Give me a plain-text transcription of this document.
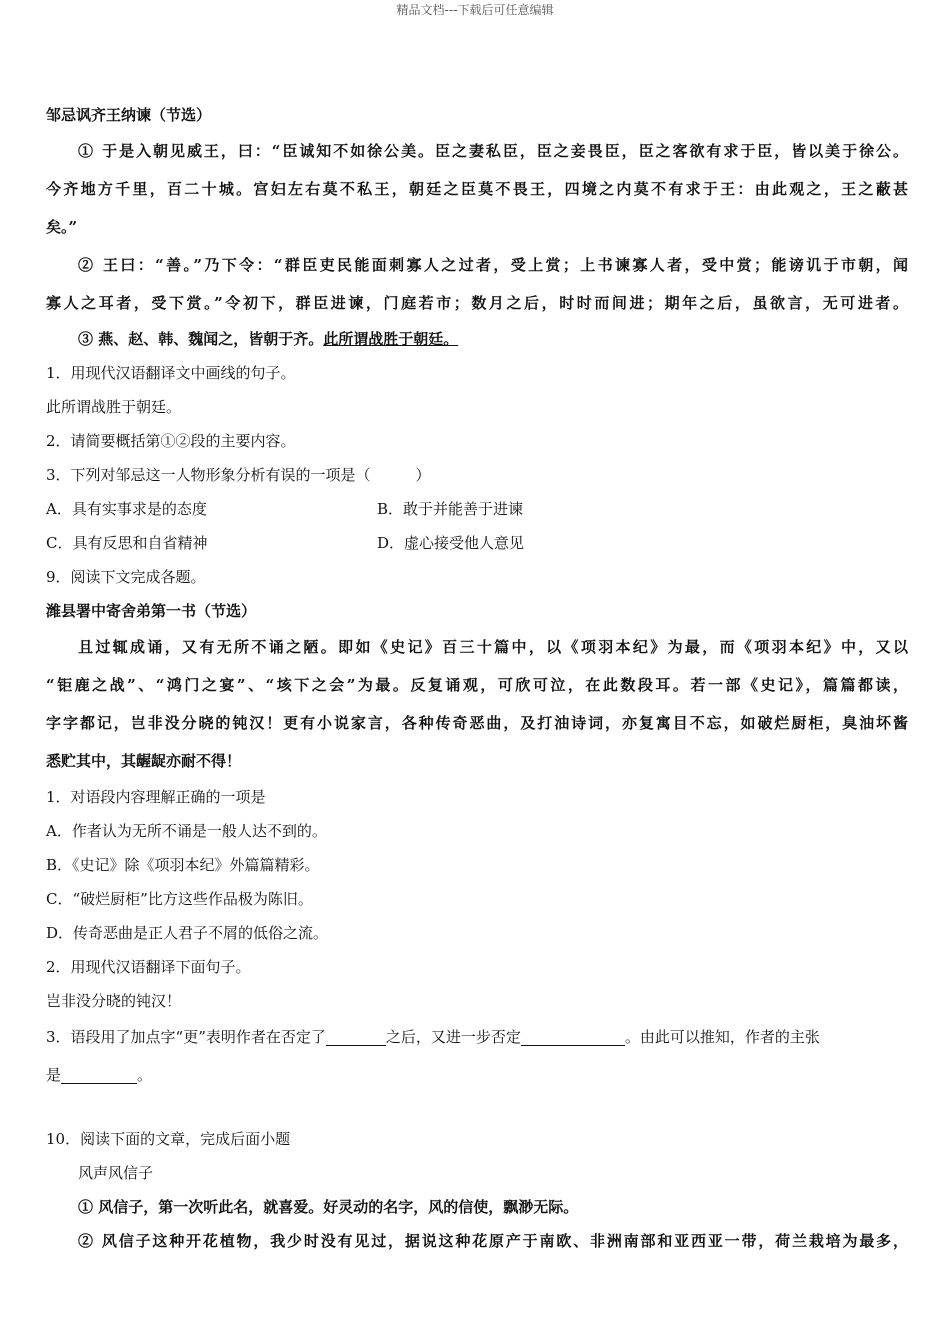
精品文档---下载后可任意编辑
邹忌讽齐王纳谏（节选）
① 于是入朝见威王，曰：“臣诚知不如徐公美。臣之妻私臣，臣之妾畏臣，臣之客欲有求于臣，皆以美于徐公。
今齐地方千里，百二十城。宫妇左右莫不私王，朝廷之臣莫不畏王，四境之内莫不有求于王：由此观之，王之蔽甚
矣。”
② 王曰：“善。”乃下令：“群臣吏民能面刺寡人之过者，受上赏；上书谏寡人者，受中赏；能谤讥于市朝，闻
寡人之耳者，受下赏。”令初下，群臣进谏，门庭若市；数月之后，时时而间进；期年之后，虽欲言，无可进者。
③ 燕、赵、韩、魏闻之，皆朝于齐。此所谓战胜于朝廷。
1．用现代汉语翻译文中画线的句子。
此所谓战胜于朝廷。
2．请简要概括第①②段的主要内容。
3．下列对邹忌这一人物形象分析有误的一项是（　　　）
A．具有实事求是的态度	B．敢于并能善于进谏
C．具有反思和自省精神	D．虚心接受他人意见
9．阅读下文完成各题。
潍县署中寄舍弟第一书（节选）
且过辄成诵，又有无所不诵之陋。即如《史记》百三十篇中，以《项羽本纪》为最，而《项羽本纪》中，又以
“钜鹿之战”、“鸿门之宴”、“垓下之会”为最。反复诵观，可欣可泣，在此数段耳。若一部《史记》，篇篇都读，
字字都记，岂非没分晓的钝汉！更有小说家言，各种传奇恶曲，及打油诗词，亦复寓目不忘，如破烂厨柜，臭油坏酱
悉贮其中，其龌龊亦耐不得！
1．对语段内容理解正确的一项是
A．作者认为无所不诵是一般人达不到的。
B．《史记》除《项羽本纪》外篇篇精彩。
C．“破烂厨柜”比方这些作品极为陈旧。
D．传奇恶曲是正人君子不屑的低俗之流。
2．用现代汉语翻译下面句子。
岂非没分晓的钝汉！
3．语段用了加点字“更”表明作者在否定了	之后，又进一步否定	。由此可以推知，作者的主张
是	。
10．阅读下面的文章，完成后面小题
风声风信子
① 风信子，第一次听此名，就喜爱。好灵动的名字，风的信使，飘渺无际。
② 风信子这种开花植物，我少时没有见过，据说这种花原产于南欧、非洲南部和亚西亚一带，荷兰栽培为最多，
